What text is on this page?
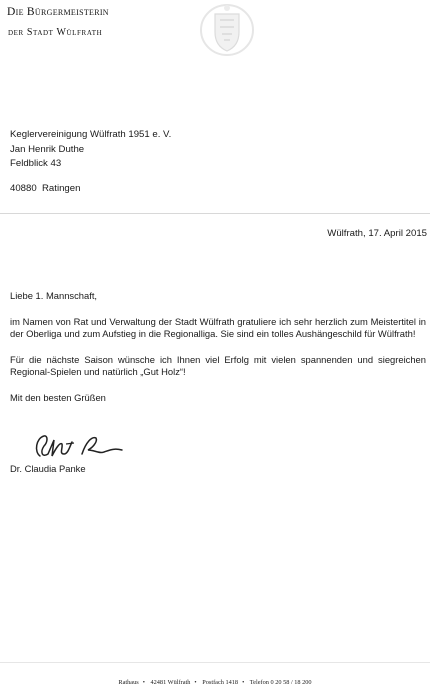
Die Bürgermeisterin
der Stadt Wülfrath
Keglervereinigung Wülfrath 1951 e. V.
Jan Henrik Duthe
Feldblick 43
40880  Ratingen
Wülfrath, 17. April 2015

Liebe 1. Mannschaft,

im Namen von Rat und Verwaltung der Stadt Wülfrath gratuliere ich sehr herzlich zum Meistertitel in der Oberliga und zum Aufstieg in die Regionalliga. Sie sind ein tolles Aushängeschild für Wülfrath!

Für die nächste Saison wünsche ich Ihnen viel Erfolg mit vielen spannenden und siegreichen Regional-Spielen und natürlich „Gut Holz“!

Mit den besten Grüßen

Dr. Claudia Panke
Rathaus • 42481 Wülfrath • Postfach 1418 • Telefon 0 20 58 / 18 200
